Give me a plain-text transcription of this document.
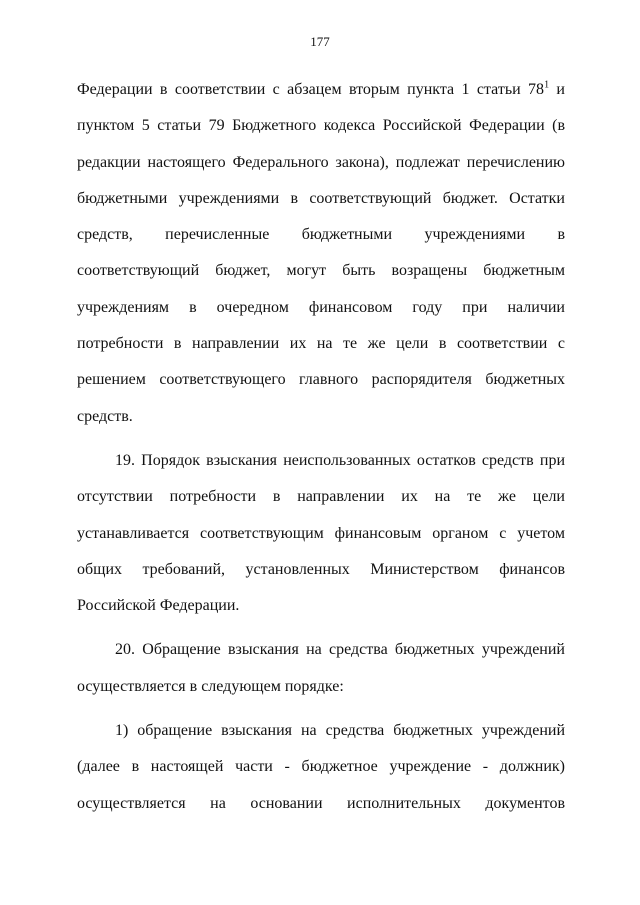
177
Федерации в соответствии с абзацем вторым пункта 1 статьи $78^1$ и
пунктом 5 статьи 79 Бюджетного кодекса Российской Федерации (в
редакции настоящего Федерального закона), подлежат перечислению
бюджетными учреждениями в соответствующий бюджет. Остатки
средств, перечисленные бюджетными учреждениями в
соответствующий бюджет, могут быть возращены бюджетным
учреждениям в очередном финансовом году при наличии
потребности в направлении их на те же цели в соответствии с
решением соответствующего главного распорядителя бюджетных
средств.
19. Порядок взыскания неиспользованных остатков средств при
отсутствии потребности в направлении их на те же цели
устанавливается соответствующим финансовым органом с учетом
общих требований, установленных Министерством финансов
Российской Федерации.
20. Обращение взыскания на средства бюджетных учреждений
осуществляется в следующем порядке:
1) обращение взыскания на средства бюджетных учреждений
(далее в настоящей части - бюджетное учреждение - должник)
осуществляется на основании исполнительных документов
